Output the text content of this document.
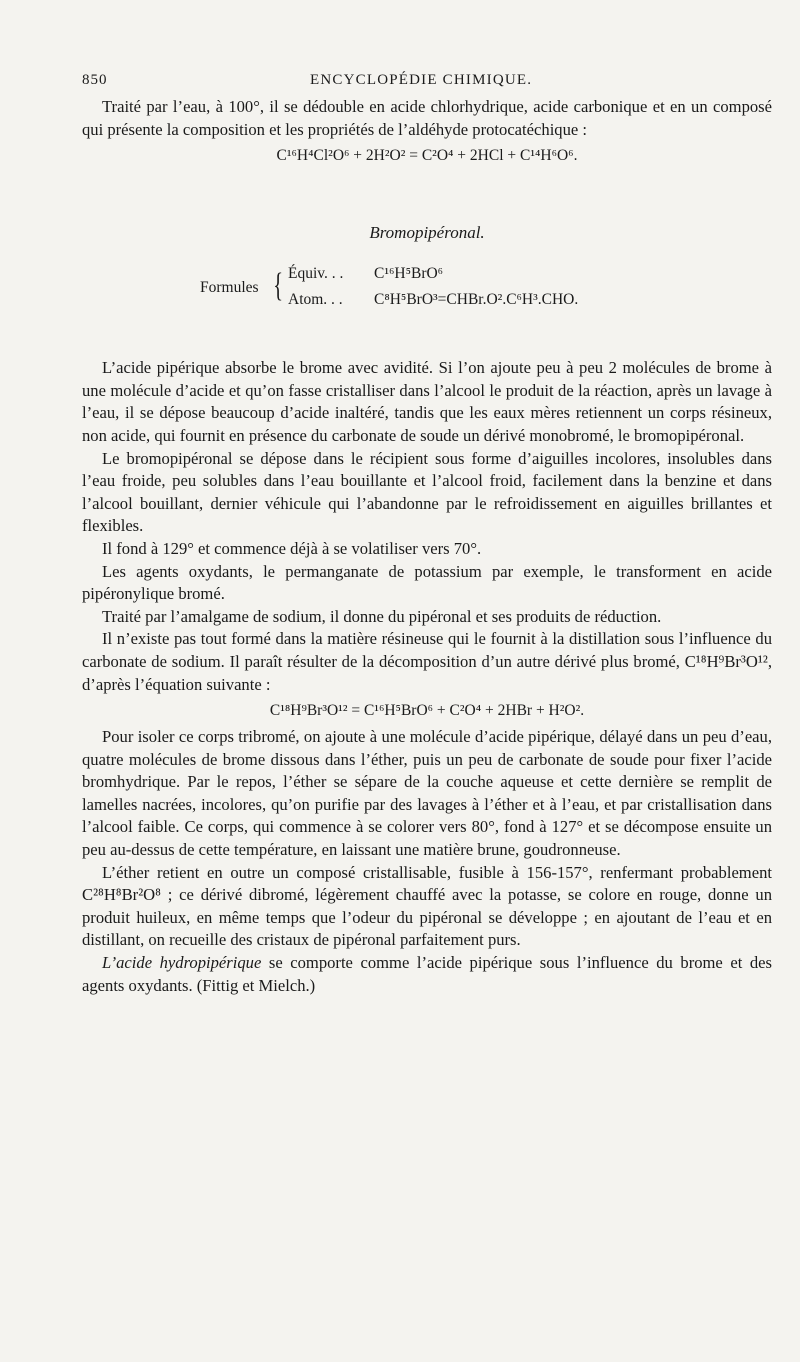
850	ENCYCLOPÉDIE CHIMIQUE.

Traité par l’eau, à 100°, il se dédouble en acide chlorhydrique, acide carbonique et en un composé qui présente la composition et les propriétés de l’aldéhyde protocatéchique :

C¹⁶H⁴Cl²O⁶ + 2H²O² = C²O⁴ + 2HCl + C¹⁴H⁶O⁶.
Bromopipéronal.
Formules { Équiv. . . C¹⁶H⁵BrO⁶
Atom. . . C⁸H⁵BrO³=CHBr.O².C⁶H³.CHO.

L’acide pipérique absorbe le brome avec avidité. Si l’on ajoute peu à peu 2 molécules de brome à une molécule d’acide et qu’on fasse cristalliser dans l’alcool le produit de la réaction, après un lavage à l’eau, il se dépose beaucoup d’acide inaltéré, tandis que les eaux mères retiennent un corps résineux, non acide, qui fournit en présence du carbonate de soude un dérivé monobromé, le bromopipéronal.

Le bromopipéronal se dépose dans le récipient sous forme d’aiguilles incolores, insolubles dans l’eau froide, peu solubles dans l’eau bouillante et l’alcool froid, facilement dans la benzine et dans l’alcool bouillant, dernier véhicule qui l’abandonne par le refroidissement en aiguilles brillantes et flexibles.

Il fond à 129° et commence déjà à se volatiliser vers 70°.

Les agents oxydants, le permanganate de potassium par exemple, le transforment en acide pipéronylique bromé.

Traité par l’amalgame de sodium, il donne du pipéronal et ses produits de réduction.

Il n’existe pas tout formé dans la matière résineuse qui le fournit à la distillation sous l’influence du carbonate de sodium. Il paraît résulter de la décomposition d’un autre dérivé plus bromé, C¹⁸H⁹Br³O¹², d’après l’équation suivante :

C¹⁸H⁹Br³O¹² = C¹⁶H⁵BrO⁶ + C²O⁴ + 2HBr + H²O².

Pour isoler ce corps tribromé, on ajoute à une molécule d’acide pipérique, délayé dans un peu d’eau, quatre molécules de brome dissous dans l’éther, puis un peu de carbonate de soude pour fixer l’acide bromhydrique. Par le repos, l’éther se sépare de la couche aqueuse et cette dernière se remplit de lamelles nacrées, incolores, qu’on purifie par des lavages à l’éther et à l’eau, et par cristallisation dans l’alcool faible. Ce corps, qui commence à se colorer vers 80°, fond à 127° et se décompose ensuite un peu au-dessus de cette température, en laissant une matière brune, goudronneuse.

L’éther retient en outre un composé cristallisable, fusible à 156-157°, renfermant probablement C²⁸H⁸Br²O⁸ ; ce dérivé dibromé, légèrement chauffé avec la potasse, se colore en rouge, donne un produit huileux, en même temps que l’odeur du pipéronal se développe ; en ajoutant de l’eau et en distillant, on recueille des cristaux de pipéronal parfaitement purs.

L’acide hydropipérique se comporte comme l’acide pipérique sous l’influence du brome et des agents oxydants. (Fittig et Mielch.)
